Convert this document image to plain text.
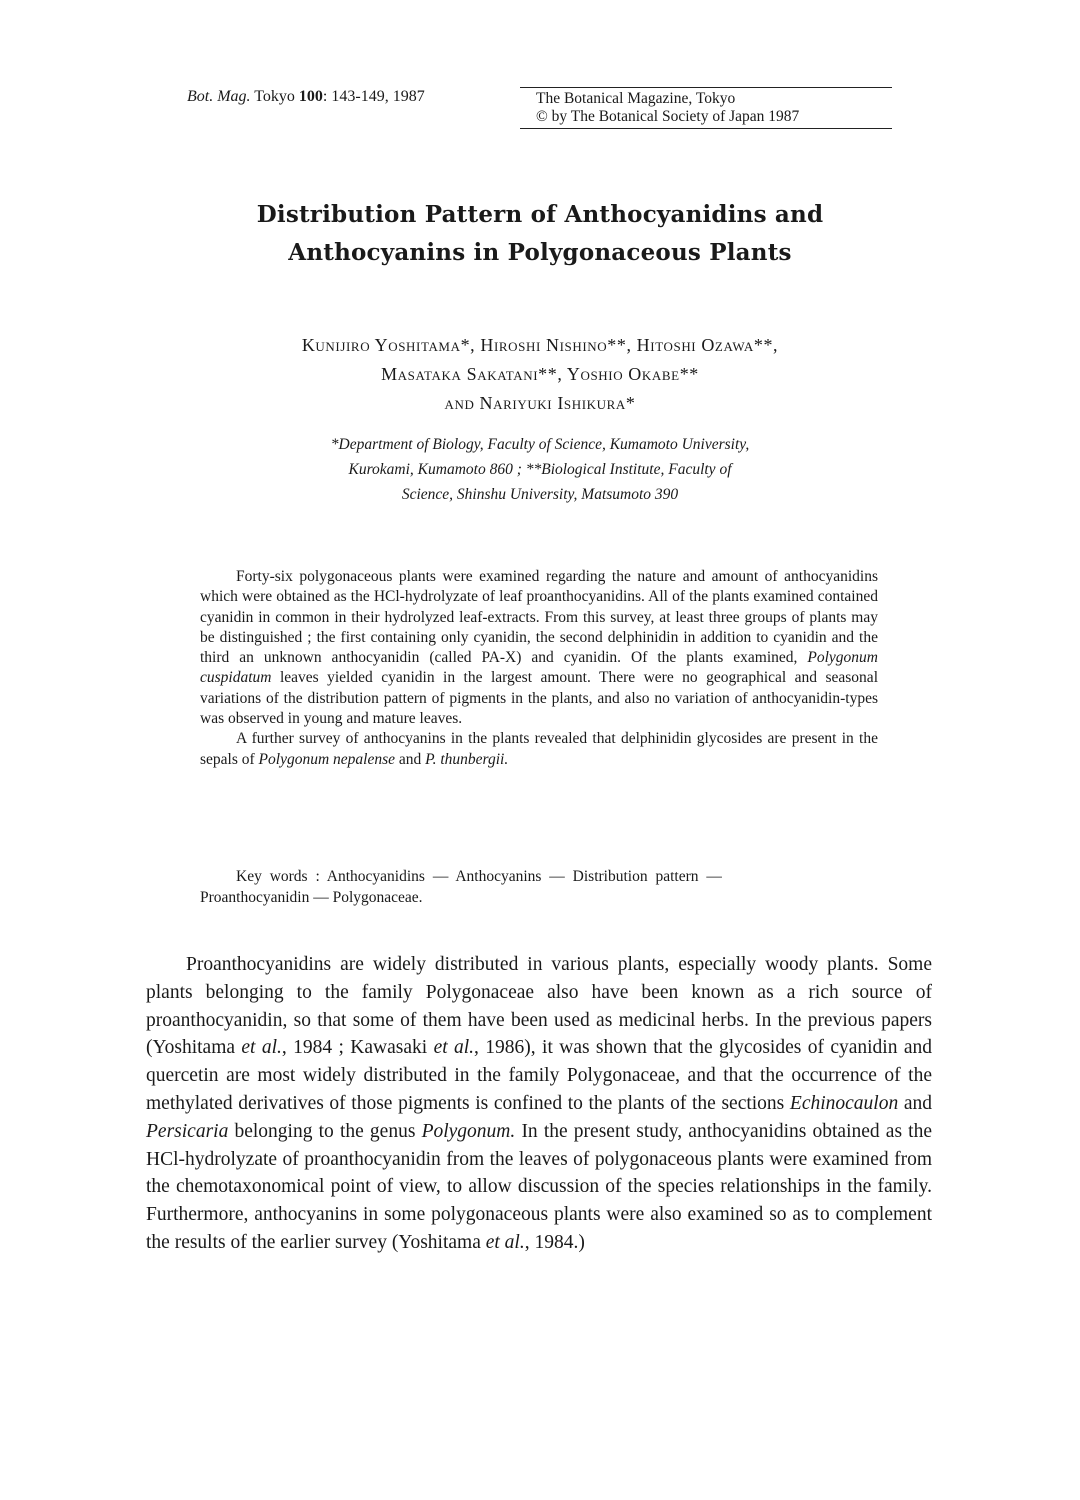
Bot. Mag. Tokyo 100: 143-149, 1987	The Botanical Magazine, Tokyo
© by The Botanical Society of Japan 1987
Distribution Pattern of Anthocyanidins and
Anthocyanins in Polygonaceous Plants
Kunijiro Yoshitama*, Hiroshi Nishino**, Hitoshi Ozawa**,
Masataka Sakatani**, Yoshio Okabe**
and Nariyuki Ishikura*
*Department of Biology, Faculty of Science, Kumamoto University,
Kurokami, Kumamoto 860 ; **Biological Institute, Faculty of
Science, Shinshu University, Matsumoto 390

Forty-six polygonaceous plants were examined regarding the nature and amount of anthocyanidins which were obtained as the HCl-hydrolyzate of leaf proanthocyanidins. All of the plants examined contained cyanidin in common in their hydrolyzed leaf-extracts. From this survey, at least three groups of plants may be distinguished ; the first containing only cyanidin, the second delphinidin in addition to cyanidin and the third an unknown anthocyanidin (called PA-X) and cyanidin. Of the plants examined, Polygonum cuspidatum leaves yielded cyanidin in the largest amount. There were no geographical and seasonal variations of the distribution pattern of pigments in the plants, and also no variation of anthocyanidin-types was observed in young and mature leaves.

A further survey of anthocyanins in the plants revealed that delphinidin glycosides are present in the sepals of Polygonum nepalense and P. thunbergii.

Key words : Anthocyanidins — Anthocyanins — Distribution pattern —
Proanthocyanidin — Polygonaceae.

Proanthocyanidins are widely distributed in various plants, especially woody plants. Some plants belonging to the family Polygonaceae also have been known as a rich source of proanthocyanidin, so that some of them have been used as medicinal herbs. In the previous papers (Yoshitama et al., 1984 ; Kawasaki et al., 1986), it was shown that the glycosides of cyanidin and quercetin are most widely distributed in the family Polygonaceae, and that the occurrence of the methylated derivatives of those pigments is confined to the plants of the sections Echinocaulon and Persicaria belonging to the genus Polygonum. In the present study, anthocyanidins obtained as the HCl-hydrolyzate of proanthocyanidin from the leaves of polygonaceous plants were examined from the chemotaxonomical point of view, to allow discussion of the species relationships in the family. Furthermore, anthocyanins in some polygonaceous plants were also examined so as to complement the results of the earlier survey (Yoshitama et al., 1984.)
